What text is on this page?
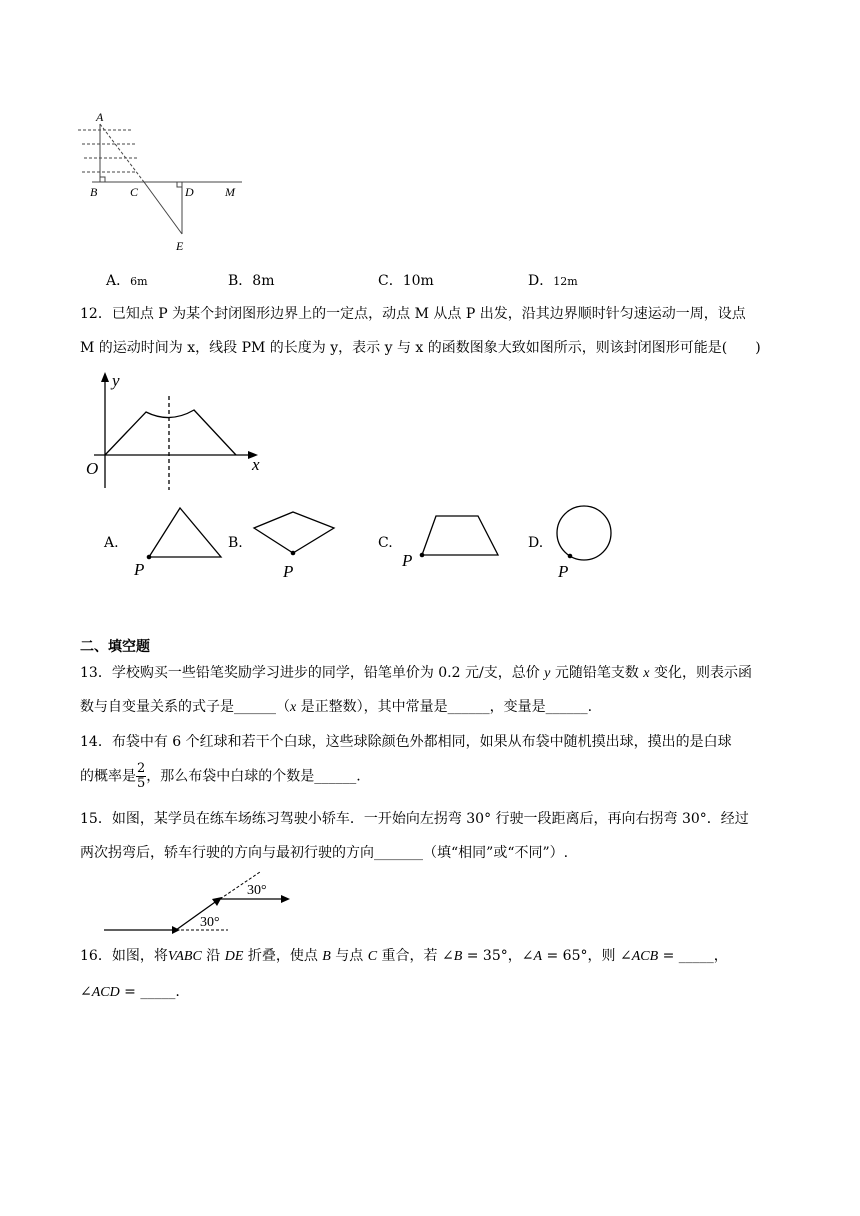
A
B	C	D	M
E
A．6m	B．8m	C．10m	D．12m
12．已知点 P 为某个封闭图形边界上的一定点，动点 M 从点 P 出发，沿其边界顺时针匀速运动一周，设点
M 的运动时间为 x，线段 PM 的长度为 y，表示 y 与 x 的函数图象大致如图所示，则该封闭图形可能是(　　)
y
x
O
A.
P
B.
P
C.
P
D.
P
二、填空题
13．学校购买一些铅笔奖励学习进步的同学，铅笔单价为 0.2 元/支，总价 y 元随铅笔支数 x 变化，则表示函
数与自变量关系的式子是______（x 是正整数），其中常量是______，变量是______.
14．布袋中有 6 个红球和若干个白球，这些球除颜色外都相同，如果从布袋中随机摸出球，摸出的是白球
的概率是 $\frac{2}{5}$ ，那么布袋中白球的个数是______.
15．如图，某学员在练车场练习驾驶小轿车．一开始向左拐弯 30° 行驶一段距离后，再向右拐弯 30°．经过
两次拐弯后，轿车行驶的方向与最初行驶的方向_______（填“相同”或“不同”）.
30°
30°
16．如图，将VABC 沿 DE 折叠，使点 B 与点 C 重合，若 ∠B = 35°，∠A = 65°，则 ∠ACB = _____，
∠ACD = _____.
